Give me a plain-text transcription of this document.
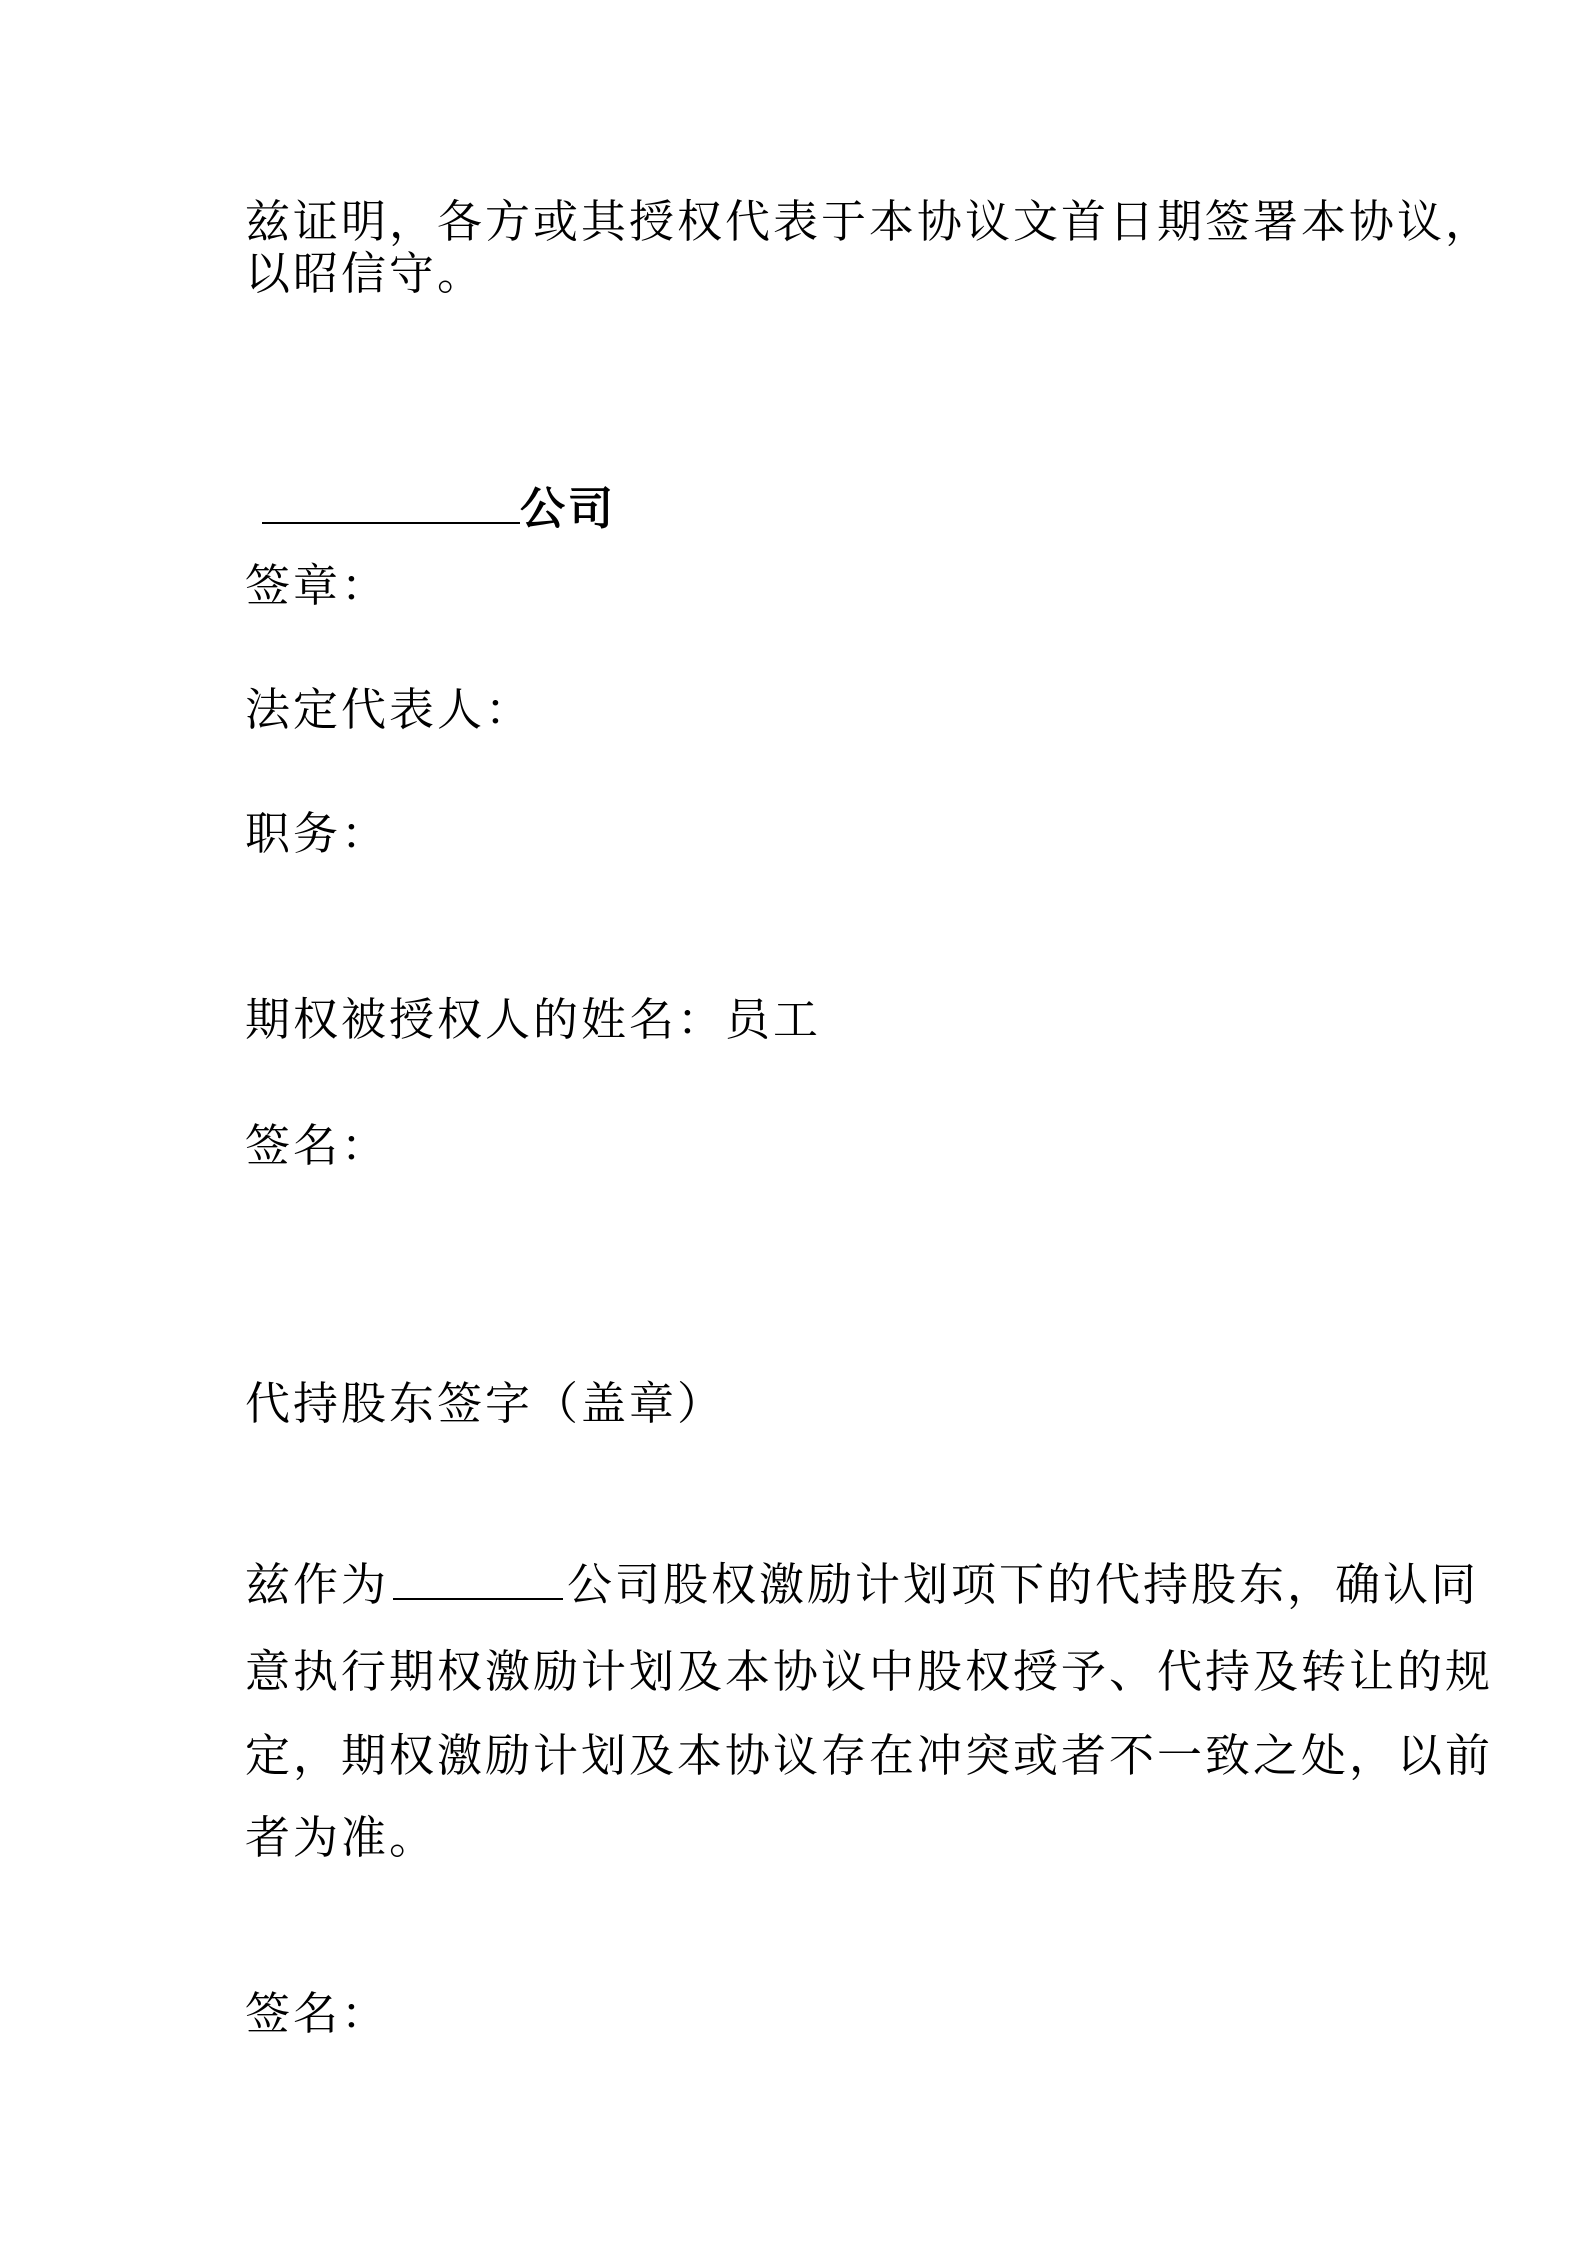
兹证明，各方或其授权代表于本协议文首日期签署本协议，
以昭信守。
公司
签章：
法定代表人：
职务：
期权被授权人的姓名：员工
签名：
代持股东签字（盖章）
兹作为	公司股权激励计划项下的代持股东，确认同
意执行期权激励计划及本协议中股权授予、代持及转让的规
定，期权激励计划及本协议存在冲突或者不一致之处，以前
者为准。
签名：
